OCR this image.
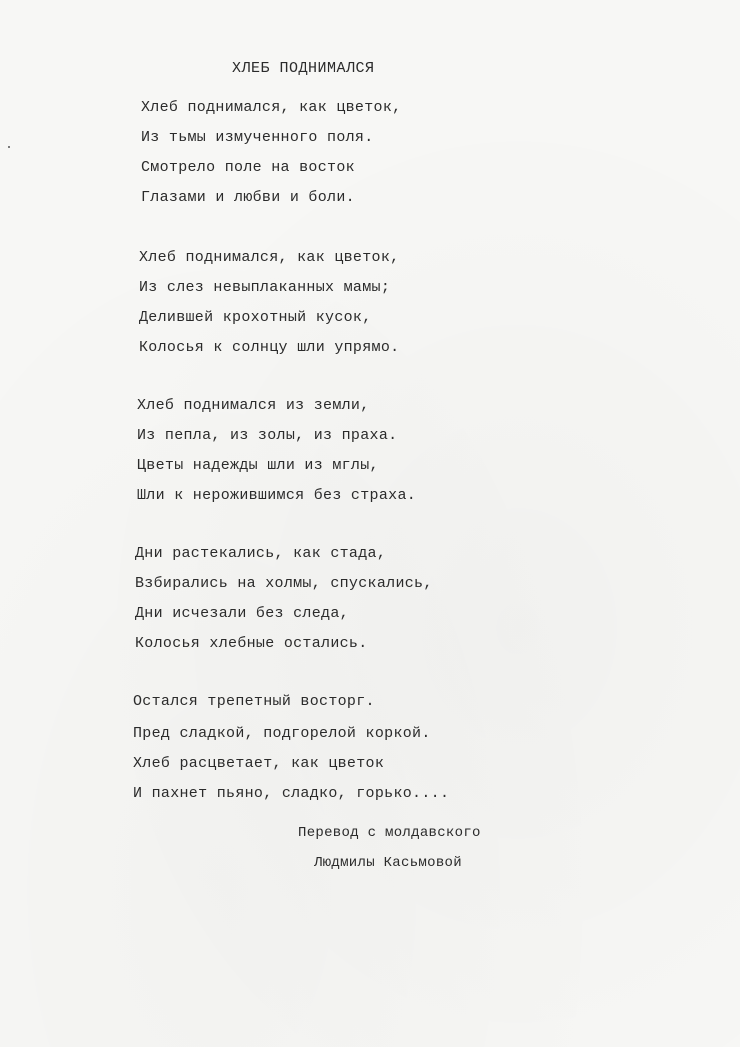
ХЛЕБ ПОДНИМАЛСЯ
Хлеб поднимался, как цветок,
Из тьмы измученного поля.
Смотрело поле на восток
Глазами и любви и боли.
Хлеб поднимался, как цветок,
Из слез невыплаканных мамы;
Делившей крохотный кусок,
Колосья к солнцу шли упрямо.
Хлеб поднимался из земли,
Из пепла, из золы, из праха.
Цветы надежды шли из мглы,
Шли к нерожившимся без страха.
Дни растекались, как стада,
Взбирались на холмы, спускались,
Дни исчезали без следа,
Колосья хлебные остались.
Остался трепетный восторг.
Пред сладкой, подгорелой коркой.
Хлеб расцветает, как цветок
И пахнет пьяно, сладко, горько....
Перевод с молдавского
Людмилы Касьмовой
